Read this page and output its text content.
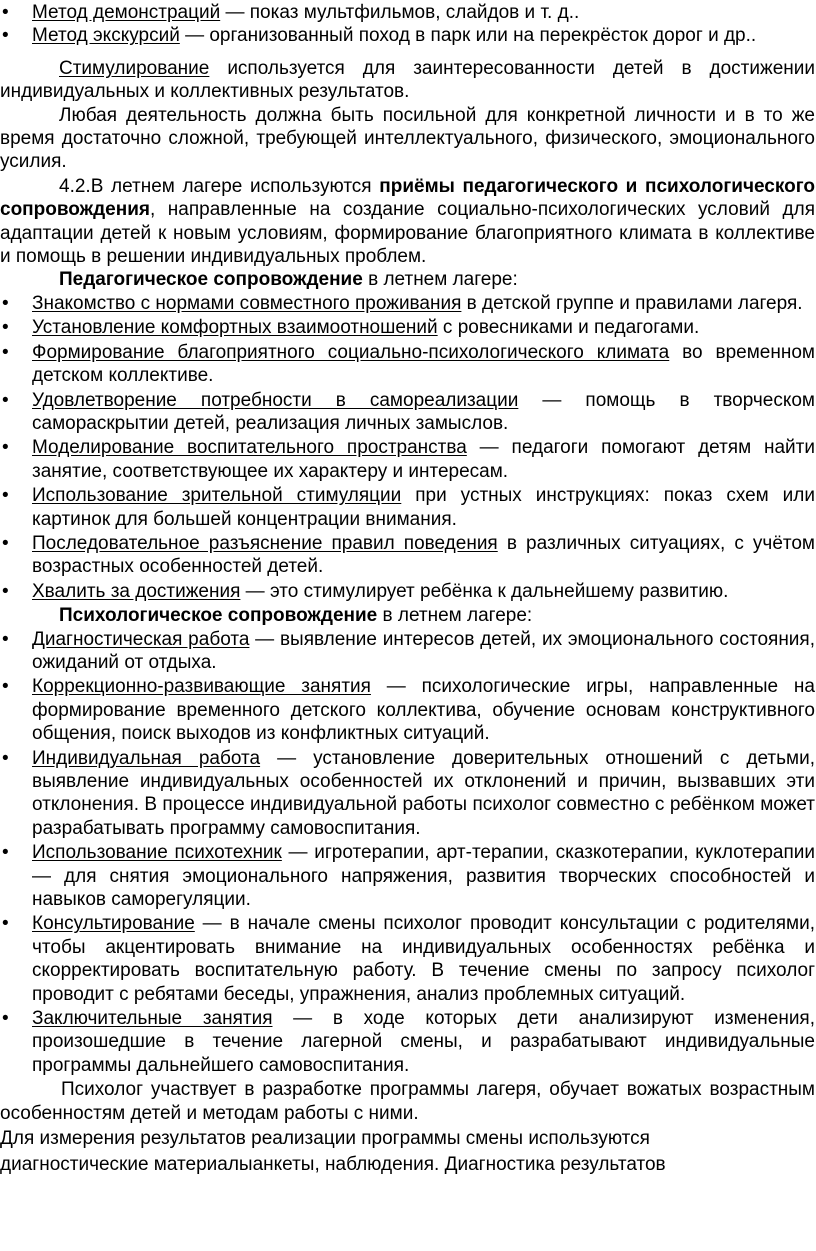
• Метод демонстраций — показ мультфильмов, слайдов и т. д..
• Метод экскурсий — организованный поход в парк или на перекрёсток дорог и др..

Стимулирование используется для заинтересованности детей в достижении индивидуальных и коллективных результатов.

Любая деятельность должна быть посильной для конкретной личности и в то же время достаточно сложной, требующей интеллектуального, физического, эмоционального усилия.

4.2.В летнем лагере используются приёмы педагогического и психологического сопровождения, направленные на создание социально-психологических условий для адаптации детей к новым условиям, формирование благоприятного климата в коллективе и помощь в решении индивидуальных проблем.

Педагогическое сопровождение в летнем лагере:

• Знакомство с нормами совместного проживания в детской группе и правилами лагеря.
• Установление комфортных взаимоотношений с ровесниками и педагогами.
• Формирование благоприятного социально-психологического климата во временном детском коллективе.
• Удовлетворение потребности в самореализации — помощь в творческом самораскрытии детей, реализация личных замыслов.
• Моделирование воспитательного пространства — педагоги помогают детям найти занятие, соответствующее их характеру и интересам.
• Использование зрительной стимуляции при устных инструкциях: показ схем или картинок для большей концентрации внимания.
• Последовательное разъяснение правил поведения в различных ситуациях, с учётом возрастных особенностей детей.
• Хвалить за достижения — это стимулирует ребёнка к дальнейшему развитию.

Психологическое сопровождение в летнем лагере:

• Диагностическая работа — выявление интересов детей, их эмоционального состояния, ожиданий от отдыха.
• Коррекционно-развивающие занятия — психологические игры, направленные на формирование временного детского коллектива, обучение основам конструктивного общения, поиск выходов из конфликтных ситуаций.
• Индивидуальная работа — установление доверительных отношений с детьми, выявление индивидуальных особенностей их отклонений и причин, вызвавших эти отклонения. В процессе индивидуальной работы психолог совместно с ребёнком может разрабатывать программу самовоспитания.
• Использование психотехник — игротерапии, арт-терапии, сказкотерапии, куклотерапии — для снятия эмоционального напряжения, развития творческих способностей и навыков саморегуляции.
• Консультирование — в начале смены психолог проводит консультации с родителями, чтобы акцентировать внимание на индивидуальных особенностях ребёнка и скорректировать воспитательную работу. В течение смены по запросу психолог проводит с ребятами беседы, упражнения, анализ проблемных ситуаций.
• Заключительные занятия — в ходе которых дети анализируют изменения, произошедшие в течение лагерной смены, и разрабатывают индивидуальные программы дальнейшего самовоспитания.

Психолог участвует в разработке программы лагеря, обучает вожатых возрастным особенностям детей и методам работы с ними.

Для измерения результатов реализации программы смены используются
диагностические материалыанкеты, наблюдения. Диагностика результатов
